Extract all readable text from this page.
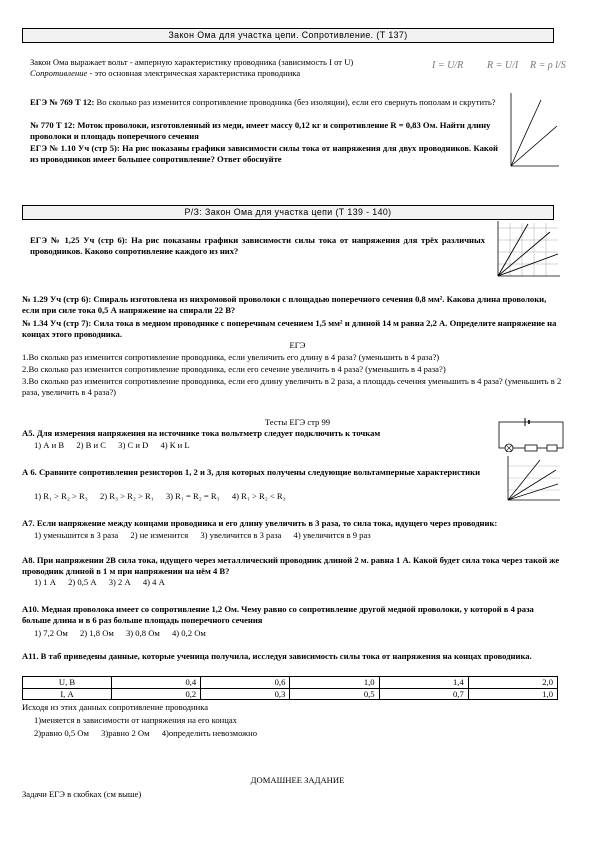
Закон Ома для участка цепи. Сопротивление. (Т 137)
Закон Ома выражает вольт - амперную характеристику проводника (зависимость I от U)
Сопротивление - это основная электрическая характеристика проводника
I = U/R R = U/I R = ρ l/S
ЕГЭ № 769 Т 12: Во сколько раз изменится сопротивление проводника (без изоляции), если его свернуть пополам и скрутить?
№ 770 Т 12: Моток проволоки, изготовленный из меди, имеет массу 0,12 кг и сопротивление R = 0,83 Ом. Найти длину проволоки и площадь поперечного сечения
ЕГЭ № 1.10 Уч (стр 5): На рис показаны графики зависимости силы тока от напряжения для двух проводников. Какой из проводников имеет большее сопротивление? Ответ обоснуйте
Р/З: Закон Ома для участка цепи (Т 139 - 140)
ЕГЭ № 1,25 Уч (стр 6): На рис показаны графики зависимости силы тока от напряжения для трёх различных проводников. Каково сопротивление каждого из них?
№ 1.29 Уч (стр 6): Спираль изготовлена из нихромовой проволоки с площадью поперечного сечения 0,8 мм². Какова длина проволоки, если при силе тока 0,5 А напряжение на спирали 22 В?
№ 1.34 Уч (стр 7): Сила тока в медном проводнике с поперечным сечением 1,5 мм² и длиной 14 м равна 2,2 А. Определите напряжение на концах этого проводника.
ЕГЭ
1.Во сколько раз изменится сопротивление проводника, если увеличить его длину в 4 раза? (уменьшить в 4 раза?)
2.Во сколько раз изменится сопротивление проводника, если его сечение увеличить в 4 раза? (уменьшить в 4 раза?)
3.Во сколько раз изменится сопротивление проводника, если его длину увеличить в 2 раза, а площадь сечения уменьшить в 4 раза? (уменьшить в 2 раза, увеличить в 4 раза?)
Тесты ЕГЭ стр 99
А5. Для измерения напряжения на источнике тока вольтметр следует подключить к точкам
1) А и В 2) В и С 3) С и D 4) К и L
А 6. Сравните сопротивления резисторов 1, 2 и 3, для которых получены следующие вольтамперные характеристики
1) R₁ > R₂ > R₃ 2) R₃ > R₂ > R₁ 3) R₁ = R₂ = R₃ 4) R₁ > R₂ < R₃
А7. Если напряжение между концами проводника и его длину увеличить в 3 раза, то сила тока, идущего через проводник:
1) уменьшится в 3 раза 2) не изменится 3) увеличится в 3 раза 4) увеличится в 9 раз
А8. При напряжении 2В сила тока, идущего через металлический проводник длиной 2 м. равна 1 А. Какой будет сила тока через такой же проводник длиной в 1 м при напряжении на нём 4 В?
1) 1 А 2) 0,5 А 3) 2 А 4) 4 А
А10. Медная проволока имеет со сопротивление 1,2 Ом. Чему равно со сопротивление другой медной проволоки, у которой в 4 раза больше длина и в 6 раз больше площадь поперечного сечения
1) 7,2 Ом 2) 1,8 Ом 3) 0,8 Ом 4) 0,2 Ом
А11. В таб приведены данные, которые ученица получила, исследуя зависимость силы тока от напряжения на концах проводника.
U, В	0,4	0,6	1,0	1,4	2,0
I, А	0,2	0,3	0,5	0,7	1,0
Исходя из этих данных сопротивление проводника
1)меняется в зависимости от напряжения на его концах
2)равно 0,5 Ом 3)равно 2 Ом 4)определить невозможно
ДОМАШНЕЕ ЗАДАНИЕ
Задачи ЕГЭ в скобках (см выше)
